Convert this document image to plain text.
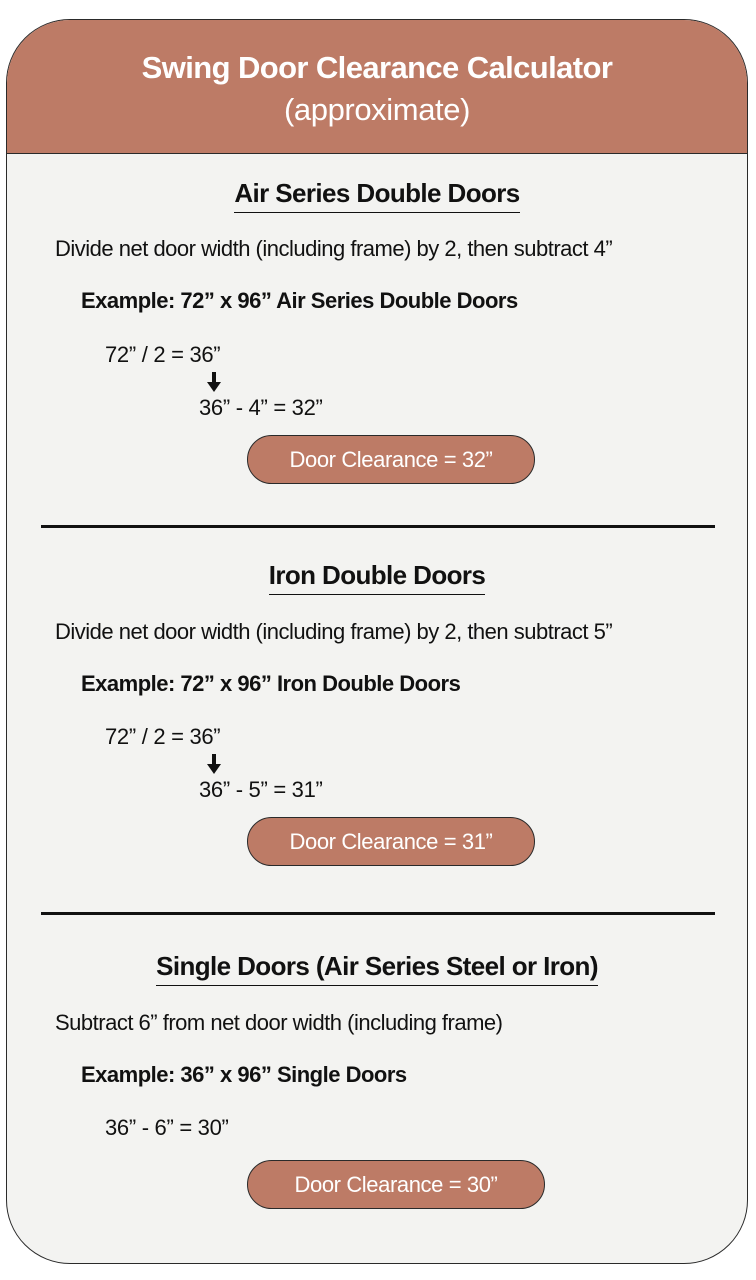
Swing Door Clearance Calculator
(approximate)
Air Series Double Doors
Divide net door width (including frame) by 2, then subtract 4”
Example: 72” x 96” Air Series Double Doors
72” / 2 = 36”
36” - 4” = 32”
Door Clearance = 32”
Iron Double Doors
Divide net door width (including frame) by 2, then subtract 5”
Example: 72” x 96” Iron Double Doors
72” / 2 = 36”
36” - 5” = 31”
Door Clearance = 31”
Single Doors (Air Series Steel or Iron)
Subtract 6” from net door width (including frame)
Example: 36” x 96” Single Doors
36” - 6” = 30”
Door Clearance = 30”
